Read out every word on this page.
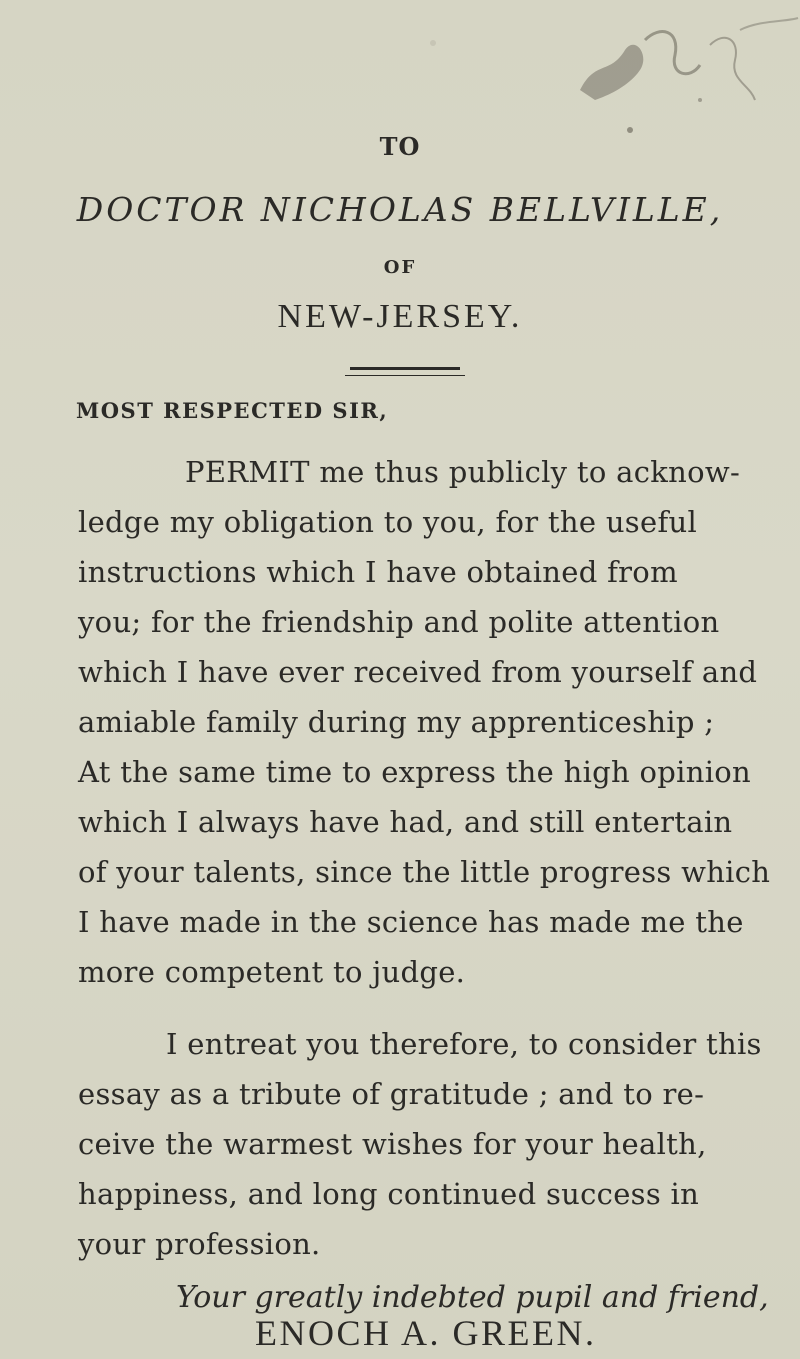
TO
DOCTOR NICHOLAS BELLVILLE,
OF
NEW-JERSEY.
MOST RESPECTED SIR,
PERMIT me thus publicly to acknow-
ledge my obligation to you, for the useful
instructions which I have obtained from
you; for the friendship and polite attention
which I have ever received from yourself and
amiable family during my apprenticeship ;
At the same time to express the high opinion
which I always have had, and still entertain
of your talents, since the little progress which
I have made in the science has made me the
more competent to judge.
I entreat you therefore, to consider this
essay as a tribute of gratitude ; and to re-
ceive the warmest wishes for your health,
happiness, and long continued success in
your profession.
Your greatly indebted pupil and friend,
ENOCH A. GREEN.
